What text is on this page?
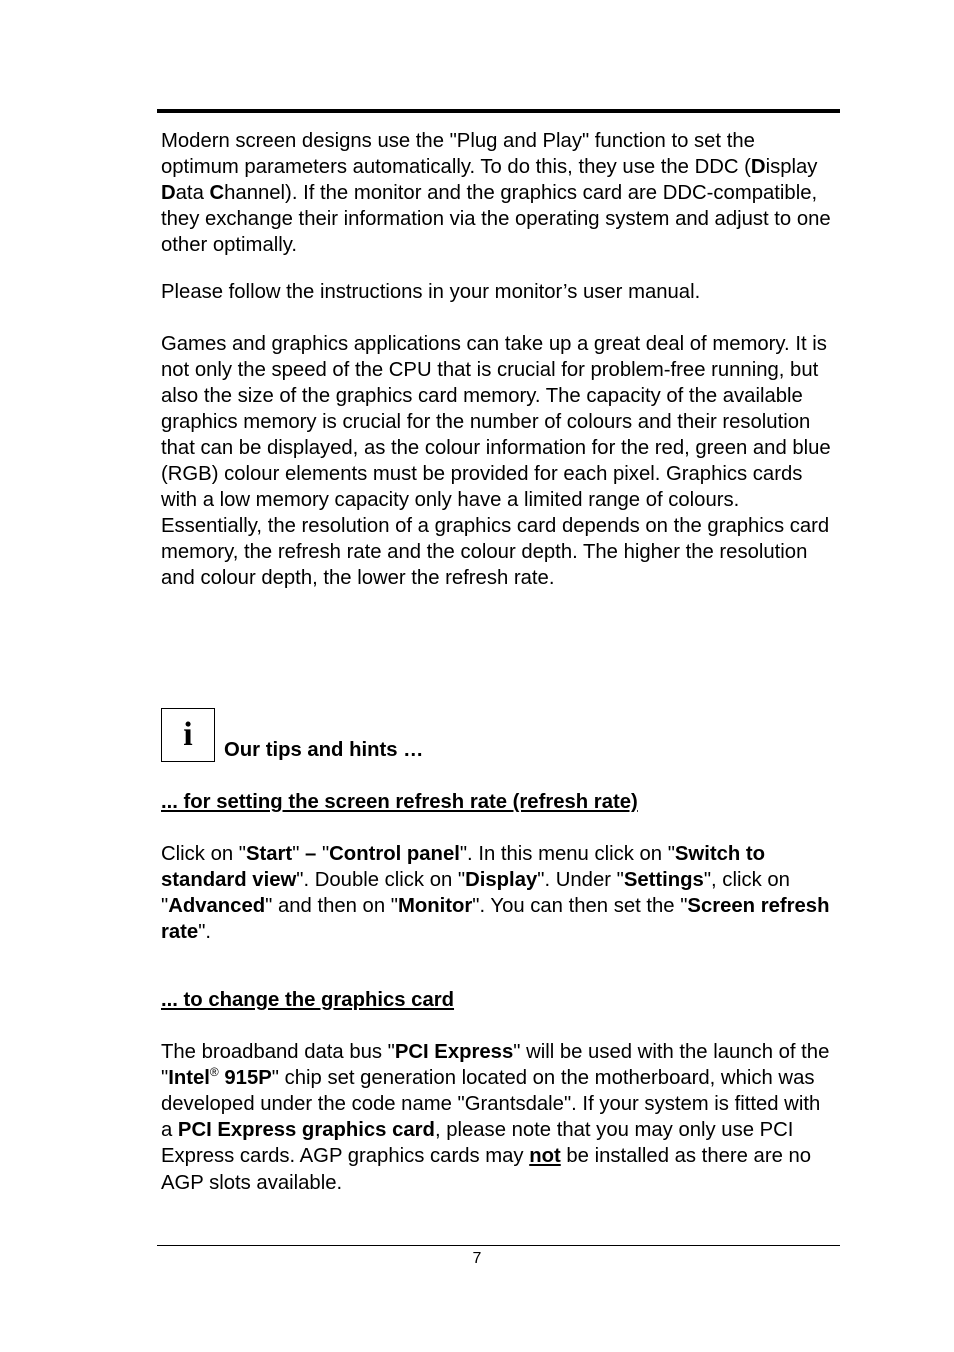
Modern screen designs use the "Plug and Play" function to set the optimum parameters automatically. To do this, they use the DDC (Display Data Channel). If the monitor and the graphics card are DDC-compatible, they exchange their information via the operating system and adjust to one other optimally.

Please follow the instructions in your monitor’s user manual.

Games and graphics applications can take up a great deal of memory. It is not only the speed of the CPU that is crucial for problem-free running, but also the size of the graphics card memory. The capacity of the available graphics memory is crucial for the number of colours and their resolution that can be displayed, as the colour information for the red, green and blue (RGB) colour elements must be provided for each pixel. Graphics cards with a low memory capacity only have a limited range of colours. Essentially, the resolution of a graphics card depends on the graphics card memory, the refresh rate and the colour depth. The higher the resolution and colour depth, the lower the refresh rate.

i	Our tips and hints …

... for setting the screen refresh rate (refresh rate)

Click on "Start" – "Control panel". In this menu click on "Switch to standard view". Double click on "Display". Under "Settings", click on "Advanced" and then on "Monitor". You can then set the "Screen refresh rate".

... to change the graphics card

The broadband data bus "PCI Express" will be used with the launch of the "Intel® 915P" chip set generation located on the motherboard, which was developed under the code name "Grantsdale". If your system is fitted with a PCI Express graphics card, please note that you may only use PCI Express cards. AGP graphics cards may not be installed as there are no AGP slots available.

7
